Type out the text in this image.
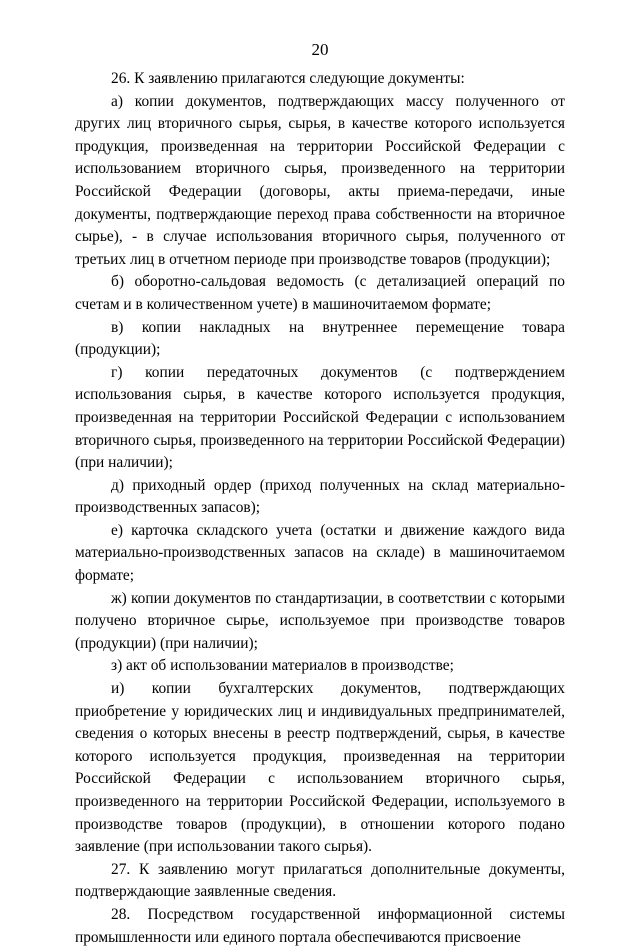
20

26. К заявлению прилагаются следующие документы:

а) копии документов, подтверждающих массу полученного от других лиц вторичного сырья, сырья, в качестве которого используется продукция, произведенная на территории Российской Федерации с использованием вторичного сырья, произведенного на территории Российской Федерации (договоры, акты приема-передачи, иные документы, подтверждающие переход права собственности на вторичное сырье), - в случае использования вторичного сырья, полученного от третьих лиц в отчетном периоде при производстве товаров (продукции);

б) оборотно-сальдовая ведомость (с детализацией операций по счетам и в количественном учете) в машиночитаемом формате;

в) копии накладных на внутреннее перемещение товара (продукции);

г) копии передаточных документов (с подтверждением использования сырья, в качестве которого используется продукция, произведенная на территории Российской Федерации с использованием вторичного сырья, произведенного на территории Российской Федерации) (при наличии);

д) приходный ордер (приход полученных на склад материально-производственных запасов);

е) карточка складского учета (остатки и движение каждого вида материально-производственных запасов на складе) в машиночитаемом формате;

ж) копии документов по стандартизации, в соответствии с которыми получено вторичное сырье, используемое при производстве товаров (продукции) (при наличии);

з) акт об использовании материалов в производстве;

и) копии бухгалтерских документов, подтверждающих приобретение у юридических лиц и индивидуальных предпринимателей, сведения о которых внесены в реестр подтверждений, сырья, в качестве которого используется продукция, произведенная на территории Российской Федерации с использованием вторичного сырья, произведенного на территории Российской Федерации, используемого в производстве товаров (продукции), в отношении которого подано заявление (при использовании такого сырья).

27. К заявлению могут прилагаться дополнительные документы, подтверждающие заявленные сведения.

28. Посредством государственной информационной системы промышленности или единого портала обеспечиваются присвоение
